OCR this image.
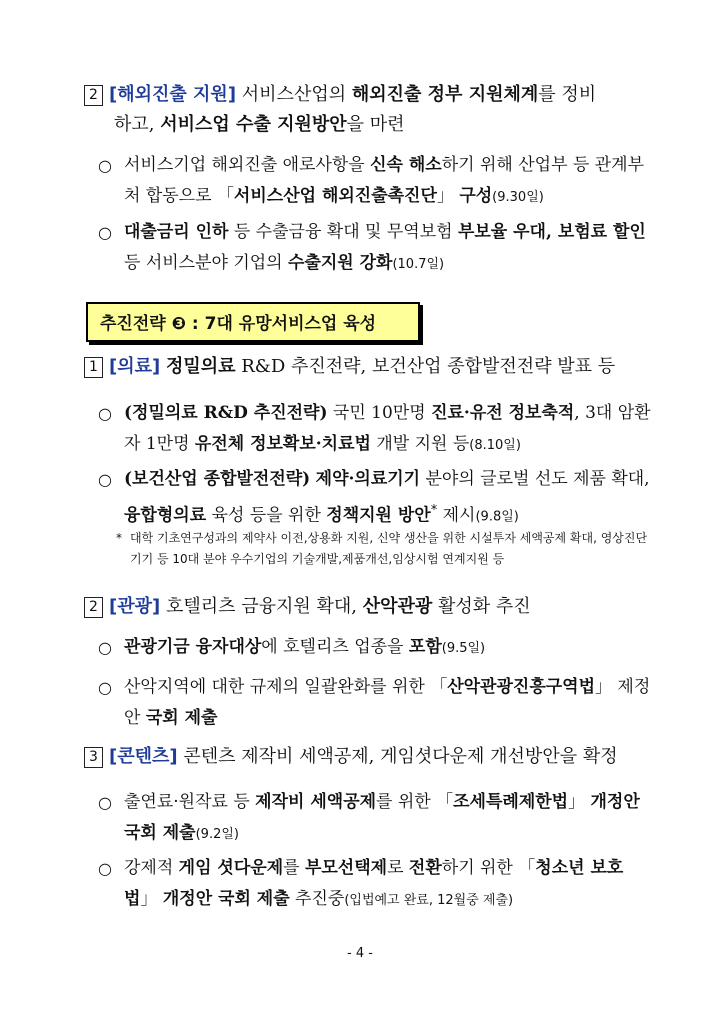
2 [해외진출 지원] 서비스산업의 해외진출 정부 지원체계를 정비
하고, 서비스업 수출 지원방안을 마련
○ 서비스기업 해외진출 애로사항을 신속 해소하기 위해 산업부 등 관계부처 합동으로 「서비스산업 해외진출촉진단」 구성(9.30일)
○ 대출금리 인하 등 수출금융 확대 및 무역보험 부보율 우대, 보험료 할인 등 서비스분야 기업의 수출지원 강화(10.7일)
추진전략 ❸ : 7대 유망서비스업 육성
1 [의료] 정밀의료 R&D 추진전략, 보건산업 종합발전전략 발표 등
○ (정밀의료 R&D 추진전략) 국민 10만명 진료·유전 정보축적, 3대 암환자 1만명 유전체 정보확보·치료법 개발 지원 등(8.10일)
○ (보건산업 종합발전전략) 제약·의료기기 분야의 글로벌 선도 제품 확대, 융합형의료 육성 등을 위한 정책지원 방안* 제시(9.8일)
* 대학 기초연구성과의 제약사 이전,상용화 지원, 신약 생산을 위한 시설투자 세액공제 확대, 영상진단기기 등 10대 분야 우수기업의 기술개발,제품개선,임상시험 연계지원 등
2 [관광] 호텔리츠 금융지원 확대, 산악관광 활성화 추진
○ 관광기금 융자대상에 호텔리츠 업종을 포함(9.5일)
○ 산악지역에 대한 규제의 일괄완화를 위한 「산악관광진흥구역법」 제정안 국회 제출
3 [콘텐츠] 콘텐츠 제작비 세액공제, 게임셧다운제 개선방안을 확정
○ 출연료·원작료 등 제작비 세액공제를 위한 「조세특례제한법」 개정안 국회 제출(9.2일)
○ 강제적 게임 셧다운제를 부모선택제로 전환하기 위한 「청소년 보호법」 개정안 국회 제출 추진중(입법예고 완료, 12월중 제출)
- 4 -
